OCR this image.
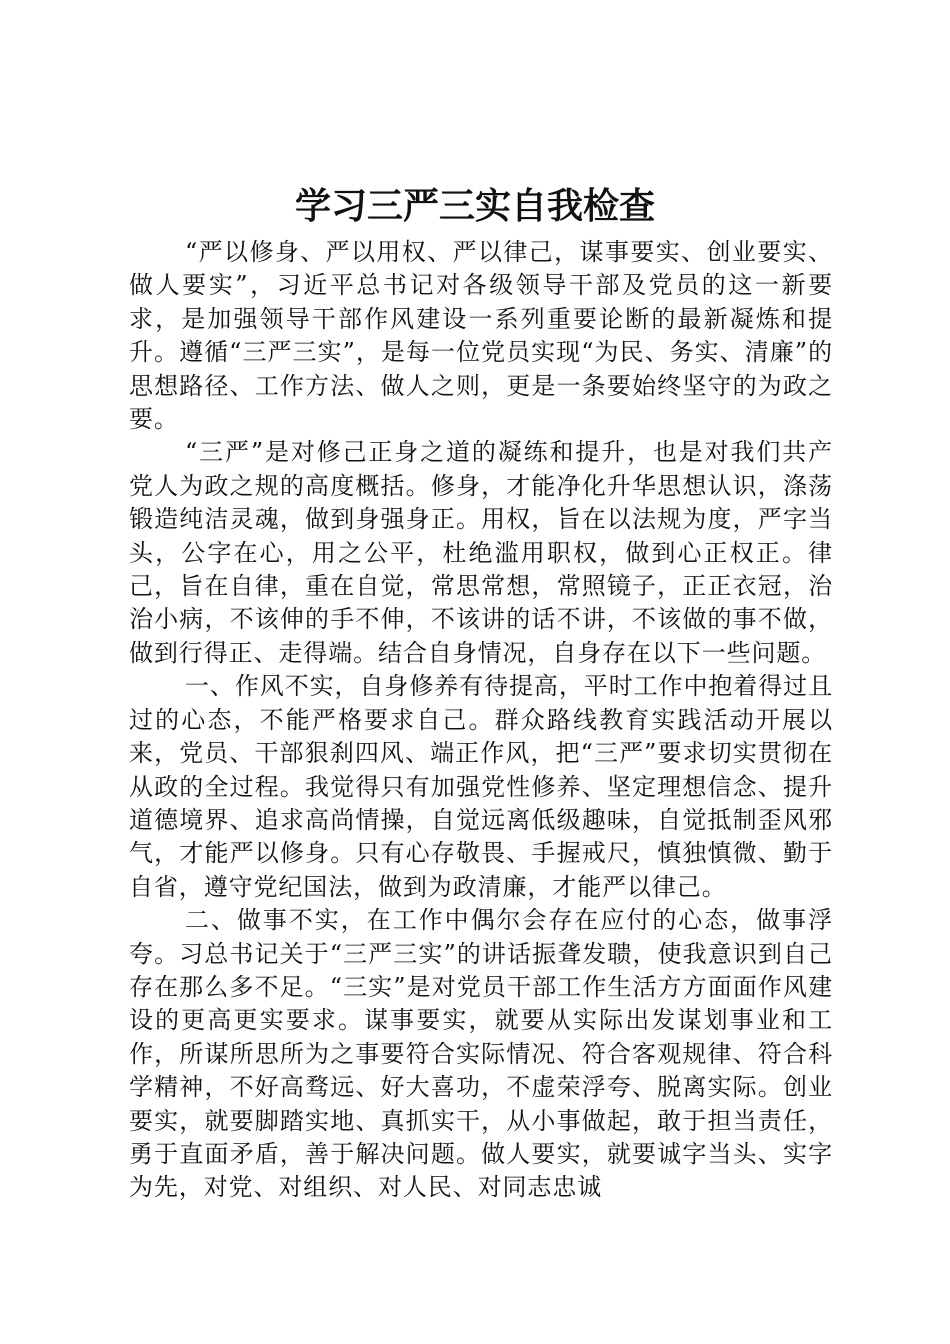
学习三严三实自我检查

“严以修身、严以用权、严以律己，谋事要实、创业要实、做人要实”，习近平总书记对各级领导干部及党员的这一新要求，是加强领导干部作风建设一系列重要论断的最新凝炼和提升。遵循“三严三实”，是每一位党员实现“为民、务实、清廉”的思想路径、工作方法、做人之则，更是一条要始终坚守的为政之要。

“三严”是对修己正身之道的凝练和提升，也是对我们共产党人为政之规的高度概括。修身，才能净化升华思想认识，涤荡锻造纯洁灵魂，做到身强身正。用权，旨在以法规为度，严字当头，公字在心，用之公平，杜绝滥用职权，做到心正权正。律己，旨在自律，重在自觉，常思常想，常照镜子，正正衣冠，治治小病，不该伸的手不伸，不该讲的话不讲，不该做的事不做，做到行得正、走得端。结合自身情况，自身存在以下一些问题。

一、作风不实，自身修养有待提高，平时工作中抱着得过且过的心态，不能严格要求自己。群众路线教育实践活动开展以来，党员、干部狠刹四风、端正作风，把“三严”要求切实贯彻在从政的全过程。我觉得只有加强党性修养、坚定理想信念、提升道德境界、追求高尚情操，自觉远离低级趣味，自觉抵制歪风邪气，才能严以修身。只有心存敬畏、手握戒尺，慎独慎微、勤于自省，遵守党纪国法，做到为政清廉，才能严以律己。

二、做事不实，在工作中偶尔会存在应付的心态，做事浮夸。习总书记关于“三严三实”的讲话振聋发聩，使我意识到自己存在那么多不足。“三实”是对党员干部工作生活方方面面作风建设的更高更实要求。谋事要实，就要从实际出发谋划事业和工作，所谋所思所为之事要符合实际情况、符合客观规律、符合科学精神，不好高骛远、好大喜功，不虚荣浮夸、脱离实际。创业要实，就要脚踏实地、真抓实干，从小事做起，敢于担当责任，勇于直面矛盾，善于解决问题。做人要实，就要诚字当头、实字为先，对党、对组织、对人民、对同志忠诚
